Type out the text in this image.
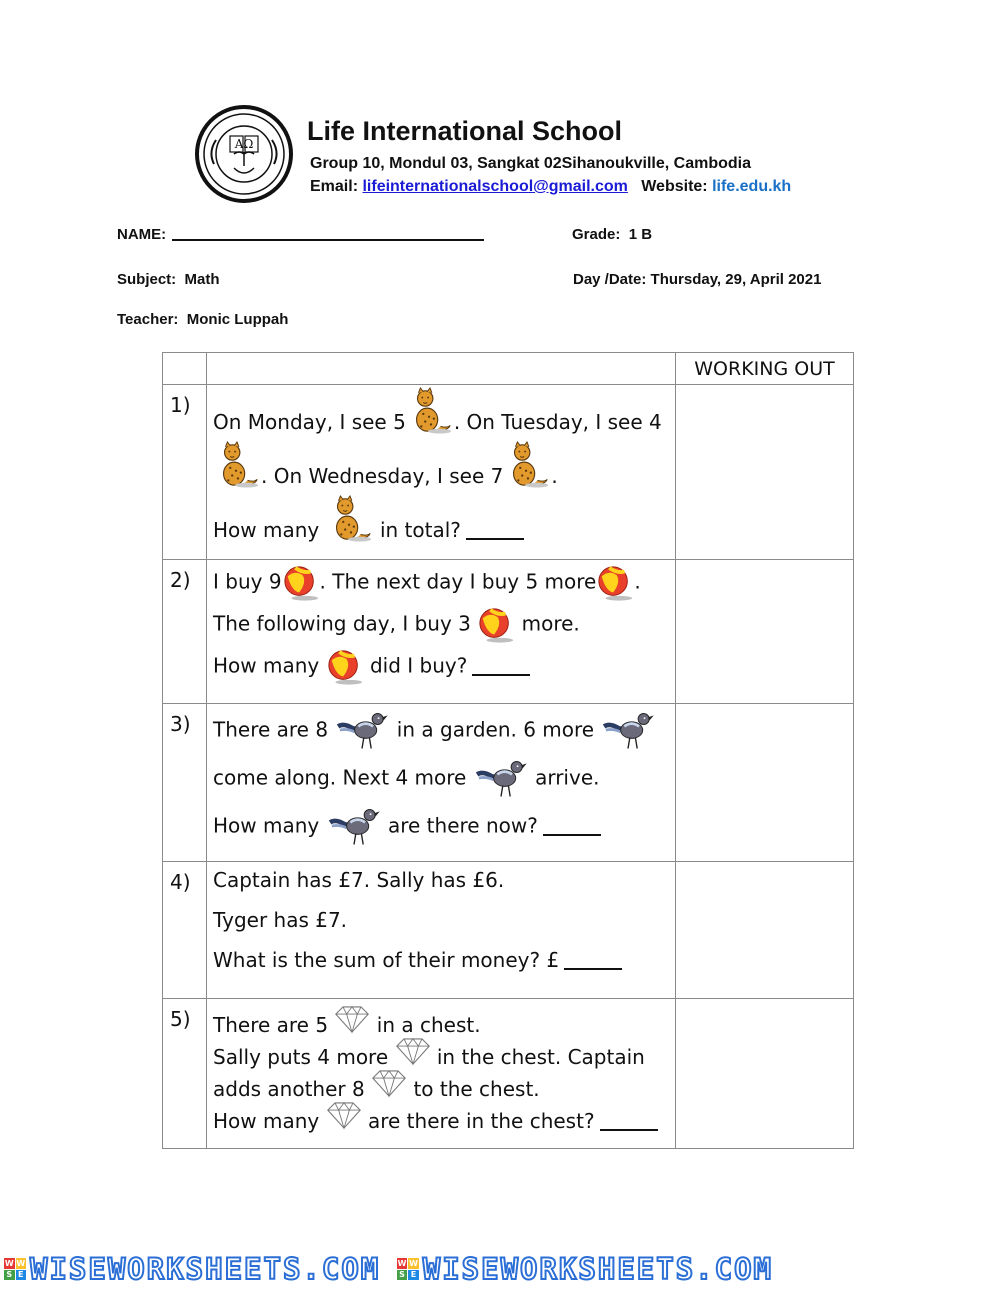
AΩ Life International School
Group 10, Mondul 03, Sangkat 02Sihanoukville, Cambodia
Email: lifeinternationalschool@gmail.com Website: life.edu.kh
NAME:	Grade: 1 B
Subject: Math	Day /Date: Thursday, 29, April 2021
Teacher: Monic Luppah
		WORKING OUT
1)	On Monday, I see 5 . On Tuesday, I see 4
. On Wednesday, I see 7 .
How many in total?	

2)	I buy 9 . The next day I buy 5 more .
The following day, I buy 3 more.
How many did I buy?	

3)	There are 8 in a garden. 6 more
come along. Next 4 more arrive.
How many are there now?	

4)	Captain has £7. Sally has £6.
Tyger has £7.
What is the sum of their money? £	

5)	There are 5 in a chest.
Sally puts 4 more in the chest. Captain
adds another 8 to the chest.
How many are there in the chest?	

W W
S E WISEWORKSHEETS.COM
W W
S E WISEWORKSHEETS.COM
